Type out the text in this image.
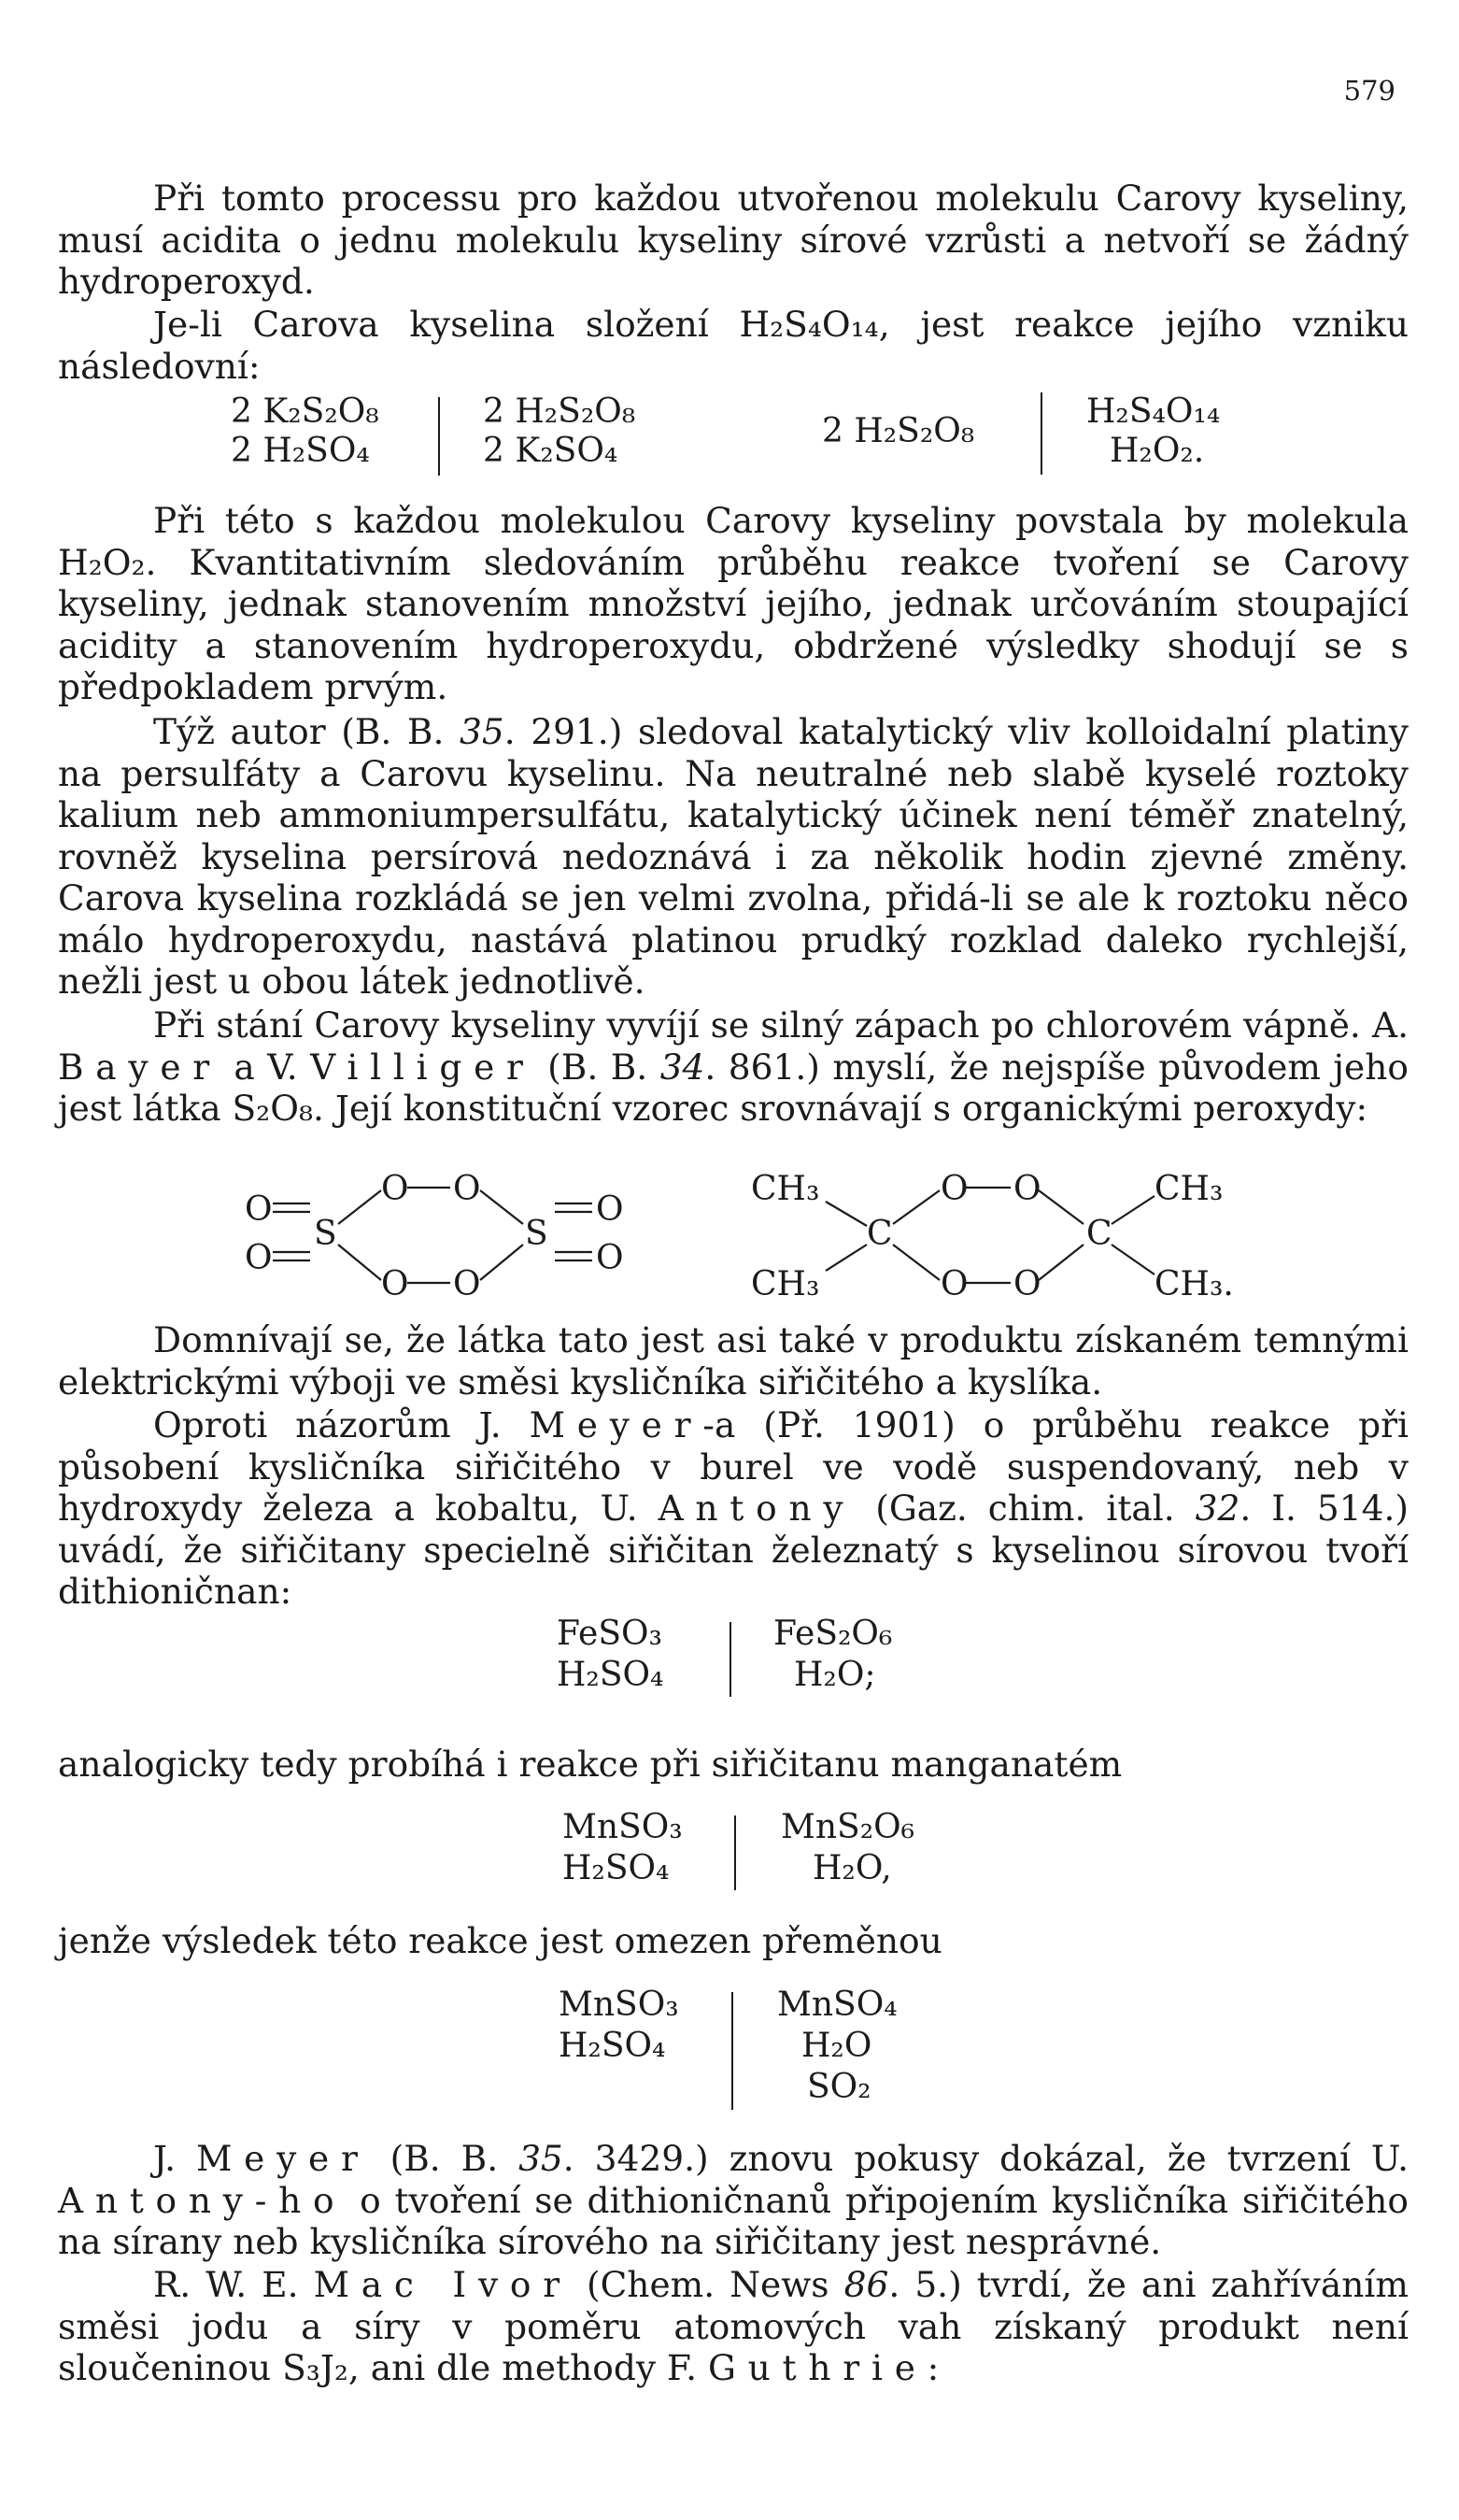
579
Při tomto processu pro každou utvořenou molekulu Carovy kyseliny, musí acidita o jednu molekulu kyseliny sírové vzrůsti a netvoří se žádný hydroperoxyd.
Je-li Carova kyselina složení H₂S₄O₁₄, jest reakce jejího vzniku následovní:
2 K₂S₂O₈
2 H₂SO₄
2 H₂S₂O₈
2 K₂SO₄
2 H₂S₂O₈
H₂S₄O₁₄
H₂O₂.
Při této s každou molekulou Carovy kyseliny povstala by molekula H₂O₂. Kvantitativním sledováním průběhu reakce tvoření se Carovy kyseliny, jednak stanovením množství jejího, jednak určováním stoupající acidity a stanovením hydroperoxydu, obdržené výsledky shodují se s předpokladem prvým.
Týž autor (B. B. 35. 291.) sledoval katalytický vliv kolloidalní platiny na persulfáty a Carovu kyselinu. Na neutralné neb slabě kyselé roztoky kalium neb ammoniumpersulfátu, katalytický účinek není téměř znatelný, rovněž kyselina persírová nedoznává i za několik hodin zjevné změny. Carova kyselina rozkládá se jen velmi zvolna, přidá-li se ale k roztoku něco málo hydroperoxydu, nastává platinou prudký rozklad daleko rychlejší, nežli jest u obou látek jednotlivě.
Při stání Carovy kyseliny vyvíjí se silný zápach po chlorovém vápně. A. Bayer a V. Villiger (B. B. 34. 861.) myslí, že nejspíše původem jeho jest látka S₂O₈. Její konstituční vzorec srovnávají s organickými peroxydy:
O
O
S
O O
O O
S
O
O
CH₃
CH₃
C
O O
O O
C
CH₃
CH₃.
Domnívají se, že látka tato jest asi také v produktu získaném temnými elektrickými výboji ve směsi kysličníka siřičitého a kyslíka.
Oproti názorům J. Meyer-a (Př. 1901) o průběhu reakce při působení kysličníka siřičitého v burel ve vodě suspendovaný, neb v hydroxydy železa a kobaltu, U. Antony (Gaz. chim. ital. 32. I. 514.) uvádí, že siřičitany specielně siřičitan železnatý s kyselinou sírovou tvoří dithioničnan:
FeSO₃
H₂SO₄
FeS₂O₆
H₂O;
analogicky tedy probíhá i reakce při siřičitanu manganatém
MnSO₃
H₂SO₄
MnS₂O₆
H₂O,
jenže výsledek této reakce jest omezen přeměnou
MnSO₃
H₂SO₄
MnSO₄
H₂O
SO₂
J. Meyer (B. B. 35. 3429.) znovu pokusy dokázal, že tvrzení U. Antony-ho o tvoření se dithioničnanů připojením kysličníka siřičitého na sírany neb kysličníka sírového na siřičitany jest nesprávné.
R. W. E. Mac Ivor (Chem. News 86. 5.) tvrdí, že ani zahříváním směsi jodu a síry v poměru atomových vah získaný produkt není sloučeninou S₃J₂, ani dle methody F. Guthrie:
